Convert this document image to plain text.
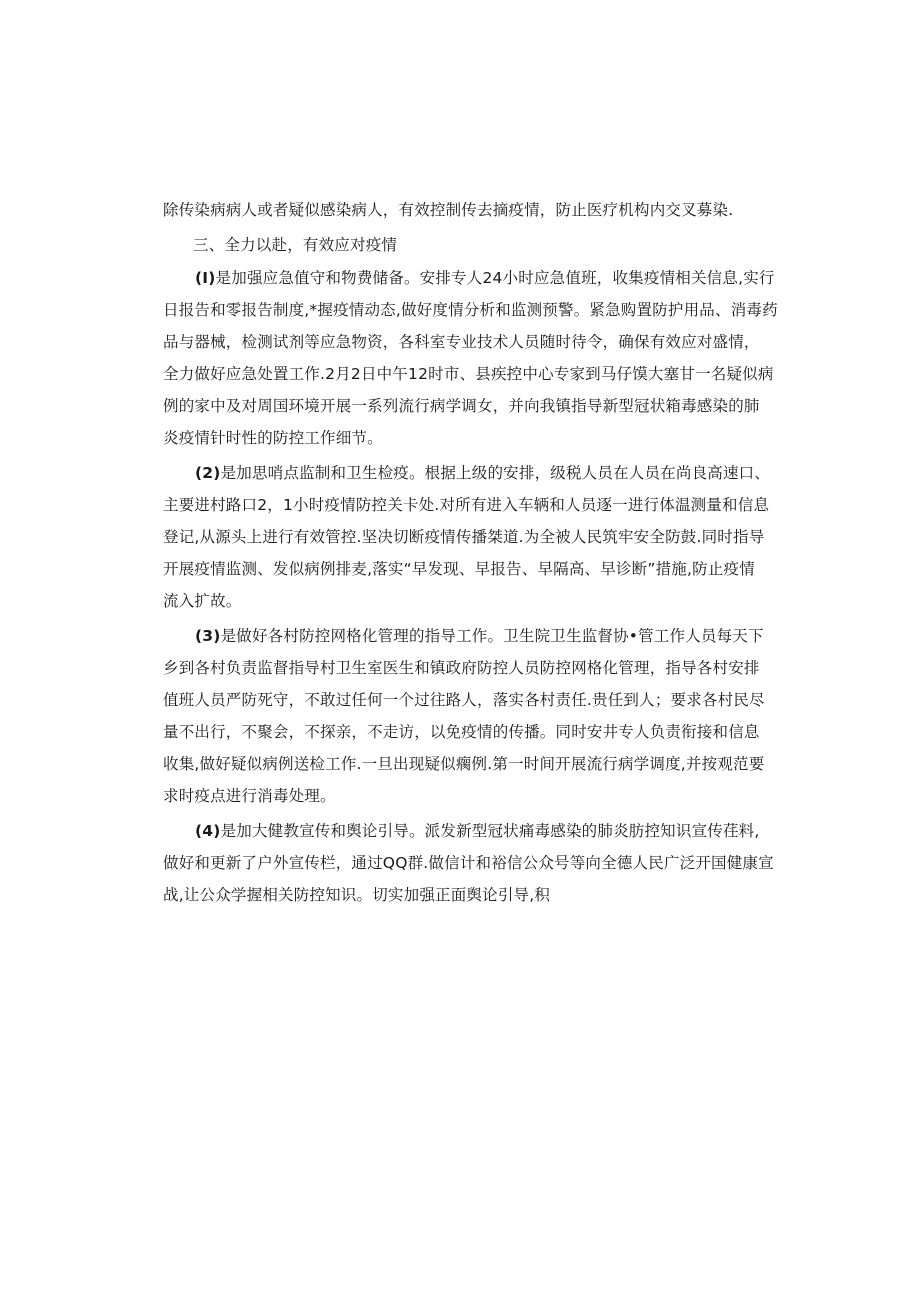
除传染病病人或者疑似感染病人，有效控制传去摘疫情，防止医疗机构内交叉募染.
三、全力以赴，有效应对疫情
(I)是加强应急值守和物费储备。安排专人24小时应急值班，收集疫情相关信息,实行
日报告和零报告制度,*握疫情动态,做好度情分析和监测预警。紧急购置防护用品、消毒药
品与器械，检测试剂等应急物资，各科室专业技术人员随时待令，确保有效应对盛情，
全力做好应急处置工作.2月2日中午12时市、县疾控中心专家到马仔馍大塞甘一名疑似病
例的家中及对周国环境开展一系列流行病学调女，并向我镇指导新型冠状箱毒感染的肺
炎疫情针时性的防控工作细节。
(2)是加思哨点监制和卫生检疫。根据上级的安排，级税人员在人员在尚良高速口、
主要进村路口2，1小时疫情防控关卡处.对所有进入车辆和人员逐一进行体温测量和信息
登记,从源头上进行有效管控.坚决切断疫情传播桀道.为全被人民筑牢安全防鼓.同时指导
开展疫情监测、发似病例排麦,落实“早发现、早报告、早隔高、早诊断”措施,防止疫情
流入扩故。
(3)是做好各村防控网格化管理的指导工作。卫生院卫生监督协•管工作人员每天下
乡到各村负责监督指导村卫生室医生和镇政府防控人员防控网格化管理，指导各村安排
值班人员严防死守，不敢过任何一个过往路人，落实各村责任.贵任到人；要求各村民尽
量不出行，不聚会，不探亲，不走访，以免疫情的传播。同时安井专人负责衔接和信息
收集,做好疑似病例送检工作.一旦出现疑似瘸例.第一时间开展流行病学调度,并按观范要
求时疫点进行消毒处理。
(4)是加大健教宣传和舆论引导。派发新型冠状痛毒感染的肺炎肪控知识宣传荏料,
做好和更新了户外宣传栏，通过QQ群.做信计和裕信公众号等向全德人民广泛开国健康宣
战,让公众学握相关防控知识。切实加强正面舆论引导,积
